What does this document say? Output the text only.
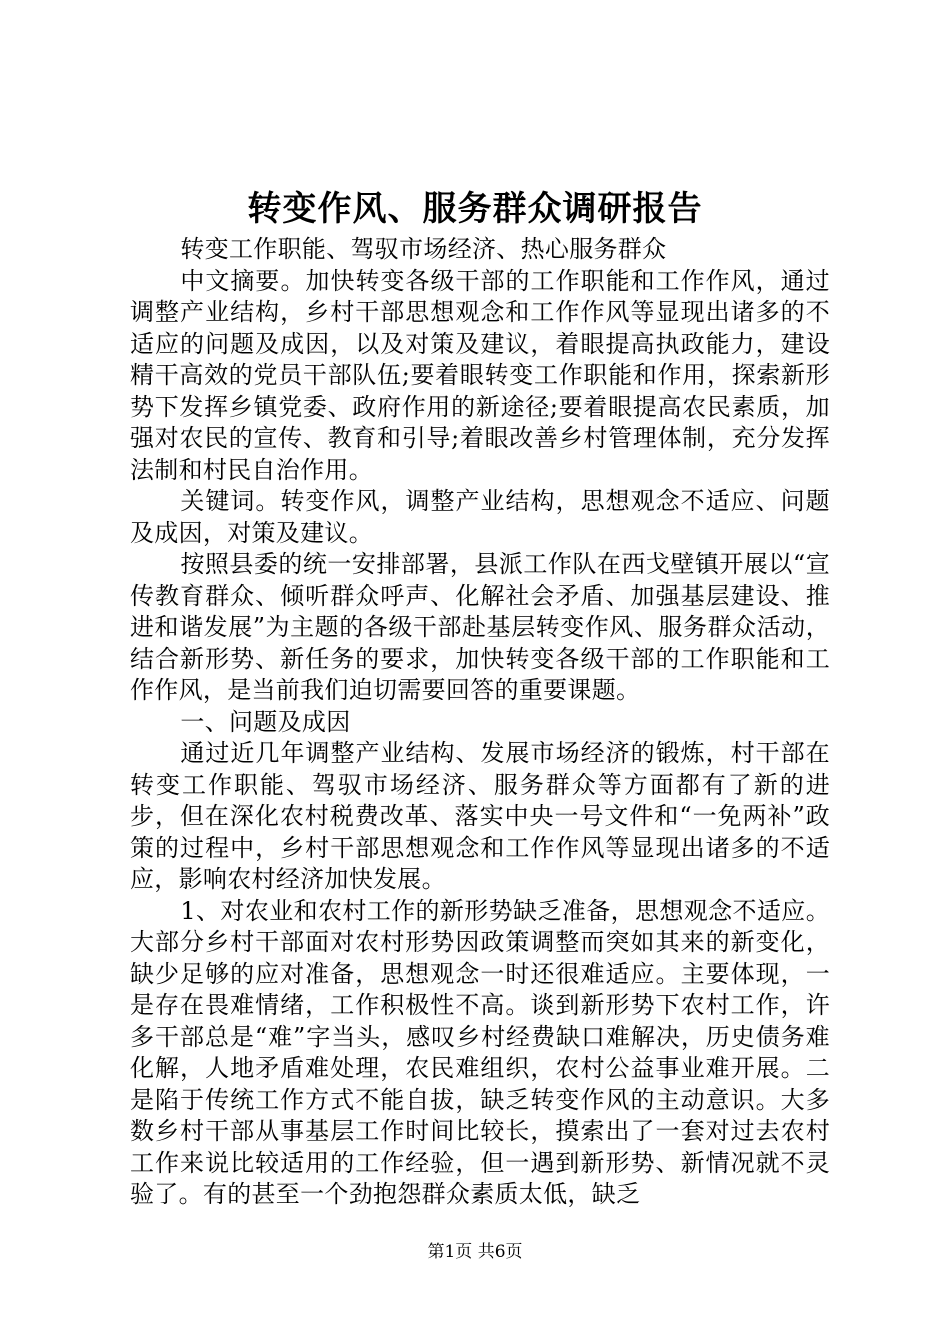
转变作风、服务群众调研报告

转变工作职能、驾驭市场经济、热心服务群众

中文摘要。加快转变各级干部的工作职能和工作作风，通过调整产业结构，乡村干部思想观念和工作作风等显现出诸多的不适应的问题及成因，以及对策及建议，着眼提高执政能力，建设精干高效的党员干部队伍;要着眼转变工作职能和作用，探索新形势下发挥乡镇党委、政府作用的新途径;要着眼提高农民素质，加强对农民的宣传、教育和引导;着眼改善乡村管理体制，充分发挥法制和村民自治作用。

关键词。转变作风，调整产业结构，思想观念不适应、问题及成因，对策及建议。

按照县委的统一安排部署，县派工作队在西戈壁镇开展以“宣传教育群众、倾听群众呼声、化解社会矛盾、加强基层建设、推进和谐发展”为主题的各级干部赴基层转变作风、服务群众活动，结合新形势、新任务的要求，加快转变各级干部的工作职能和工作作风，是当前我们迫切需要回答的重要课题。

一、问题及成因

通过近几年调整产业结构、发展市场经济的锻炼，村干部在转变工作职能、驾驭市场经济、服务群众等方面都有了新的进步，但在深化农村税费改革、落实中央一号文件和“一免两补”政策的过程中，乡村干部思想观念和工作作风等显现出诸多的不适应，影响农村经济加快发展。

1、对农业和农村工作的新形势缺乏准备，思想观念不适应。大部分乡村干部面对农村形势因政策调整而突如其来的新变化，缺少足够的应对准备，思想观念一时还很难适应。主要体现，一是存在畏难情绪，工作积极性不高。谈到新形势下农村工作，许多干部总是“难”字当头，感叹乡村经费缺口难解决，历史债务难化解，人地矛盾难处理，农民难组织，农村公益事业难开展。二是陷于传统工作方式不能自拔，缺乏转变作风的主动意识。大多数乡村干部从事基层工作时间比较长，摸索出了一套对过去农村工作来说比较适用的工作经验，但一遇到新形势、新情况就不灵验了。有的甚至一个劲抱怨群众素质太低，缺乏

第1页 共6页
